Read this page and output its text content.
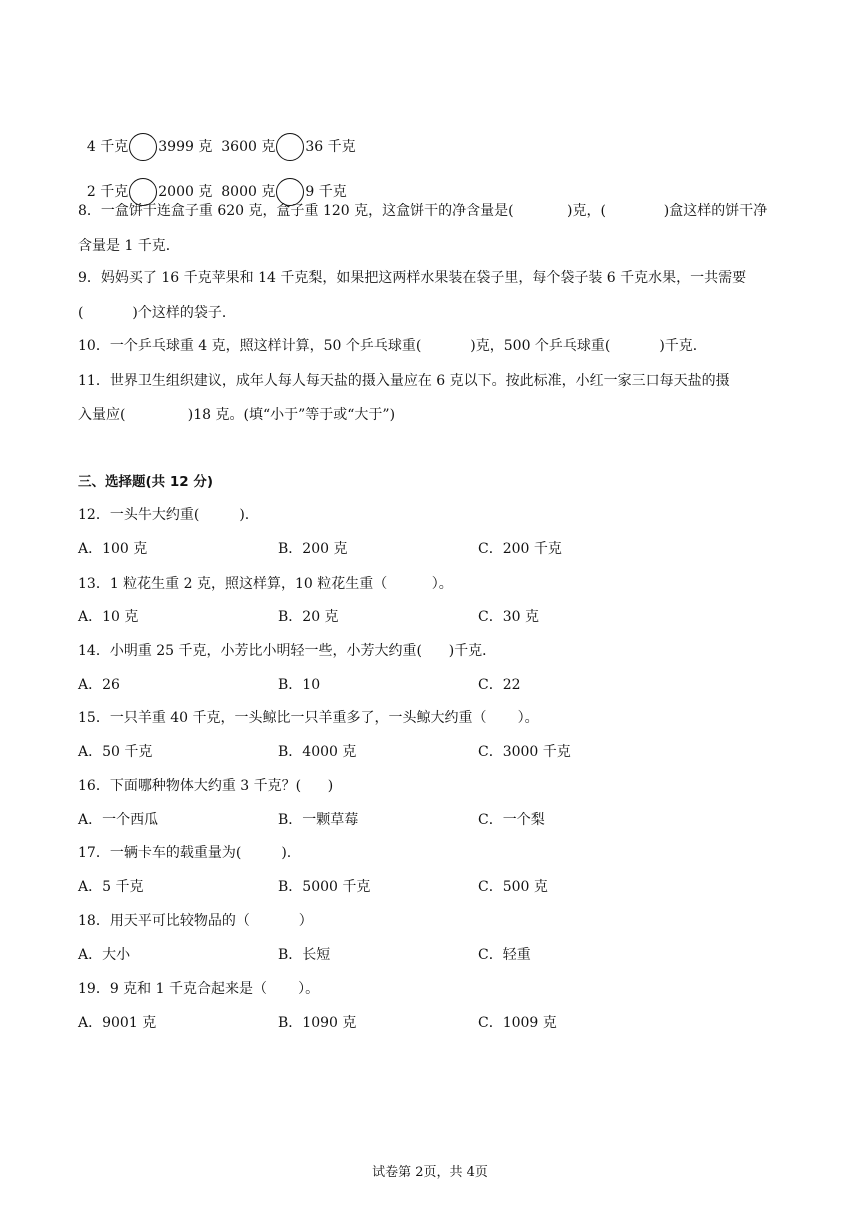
4 千克 3999 克 3600 克 36 千克

2 千克 2000 克 8000 克 9 千克

8．一盒饼干连盒子重 620 克，盒子重 120 克，这盒饼干的净含量是(            )克，(             )盒这样的饼干净
含量是 1 千克．
9．妈妈买了 16 千克苹果和 14 千克梨，如果把这两样水果装在袋子里，每个袋子装 6 千克水果，一共需要
(           )个这样的袋子．
10．一个乒乓球重 4 克，照这样计算，50 个乒乓球重(           )克，500 个乒乓球重(           )千克．
11．世界卫生组织建议，成年人每人每天盐的摄入量应在 6 克以下。按此标准，小红一家三口每天盐的摄
入量应(              )18 克。(填“小于”等于或“大于”)
三、选择题(共 12 分)
12．一头牛大约重(         ).
A．100 克	B．200 克	C．200 千克
13．1 粒花生重 2 克，照这样算，10 粒花生重（          ）。
A．10 克	B．20 克	C．30 克
14．小明重 25 千克，小芳比小明轻一些，小芳大约重(      )千克．
A．26	B．10	C．22
15．一只羊重 40 千克，一头鲸比一只羊重多了，一头鲸大约重（       ）。
A．50 千克	B．4000 克	C．3000 千克
16．下面哪种物体大约重 3 千克？(      )
A．一个西瓜	B．一颗草莓	C．一个梨
17．一辆卡车的载重量为(         ).
A．5 千克	B．5000 千克	C．500 克
18．用天平可比较物品的（           ）
A．大小	B．长短	C．轻重
19．9 克和 1 千克合起来是（       ）。
A．9001 克	B．1090 克	C．1009 克
试卷第 2页，共 4页
